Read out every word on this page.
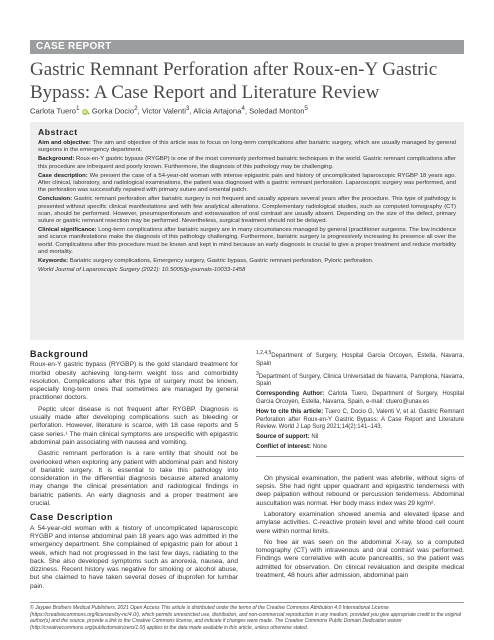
CASE REPORT
Gastric Remnant Perforation after Roux-en-Y Gastric Bypass: A Case Report and Literature Review
Carlota Tuero$^1$ iD, Gorka Docio$^2$, Victor Valenti$^3$, Alicia Artajona$^4$, Soledad Monton$^5$
Abstract

Aim and objective: The aim and objective of this article was to focus on long-term complications after bariatric surgery, which are usually managed by general surgeons in the emergency department.

Background: Roux-en-Y gastric bypass (RYGBP) is one of the most commonly performed bariatric techniques in the world. Gastric remnant complications after this procedure are infrequent and poorly known. Furthermore, the diagnosis of this pathology may be challenging.

Case description: We present the case of a 54-year-old woman with intense epigastric pain and history of uncomplicated laparoscopic RYGBP 18 years ago. After clinical, laboratory, and radiological examinations, the patient was diagnosed with a gastric remnant perforation. Laparoscopic surgery was performed, and the perforation was successfully repaired with primary suture and omental patch.

Conclusion: Gastric remnant perforation after bariatric surgery is not frequent and usually appears several years after the procedure. This type of pathology is presented without specific clinical manifestations and with few analytical alterations. Complementary radiological studies, such as computed tomography (CT) scan, should be performed. However, pneumoperitoneum and extravasation of oral contrast are usually absent. Depending on the size of the defect, primary suture or gastric remnant resection may be performed. Nevertheless, surgical treatment should not be delayed.

Clinical significance: Long-term complications after bariatric surgery are in many circumstances managed by general (practitioner surgeons. The low incidence and scarce manifestations make the diagnosis of this pathology challenging. Furthermore, bariatric surgery is progressively increasing its presence all over the world. Complications after this procedure must be known and kept in mind because an early diagnosis is crucial to give a proper treatment and reduce morbidity and mortality.

Keywords: Bariatric surgery complications, Emergency surgery, Gastric bypass, Gastric remnant perforation, Pyloric perforation.

World Journal of Laparoscopic Surgery (2021): 10.5005/jp-journals-10033-1458

Background

Roux-en-Y gastric bypass (RYGBP) is the gold standard treatment for morbid obesity achieving long-term weight loss and comorbidity resolution. Complications after this type of surgery must be known, especially long-term ones that sometimes are managed by general practitioner doctors.

Peptic ulcer disease is not frequent after RYGBP. Diagnosis is usually made after developing complications such as bleeding or perforation. However, literature is scarce, with 18 case reports and 5 case series.¹ The main clinical symptoms are unspecific with epigastric abdominal pain associating with nausea and vomiting.

Gastric remnant perforation is a rare entity that should not be overlooked when exploring any patient with abdominal pain and history of bariatric surgery. It is essential to take this pathology into consideration in the differential diagnosis because altered anatomy may change the clinical presentation and radiological findings in bariatric patients. An early diagnosis and a proper treatment are crucial.

Case Description

A 54-year-old woman with a history of uncomplicated laparoscopic RYGBP and intense abdominal pain 18 years ago was admitted in the emergency department. She complained of epigastric pain for about 1 week, which had not progressed in the last few days, radiating to the back. She also developed symptoms such as anorexia, nausea, and dizziness. Recent history was negative for smoking or alcohol abuse, but she claimed to have taken several doses of ibuprofen for lumbar pain.

$^{1,2,4,5}$Department of Surgery, Hospital Garcia Orcoyen, Estella, Navarra, Spain

$^3$Department of Surgery, Clinica Universidad de Navarra, Pamplona, Navarra, Spain

Corresponding Author: Carlota Tuero, Department of Surgery, Hospital Garcia Orcoyen, Estella, Navarra, Spain, e-mail: ctuero@unav.es

How to cite this article: Tuero C, Docio G, Valenti V, et al. Gastric Remnant Perforation after Roux-en-Y Gastric Bypass: A Case Report and Literature Review. World J Lap Surg 2021;14(2):141–143.

Source of support: Nil

Conflict of interest: None

On physical examination, the patient was afebrile, without signs of sepsis. She had right upper quadrant and epigastric tenderness with deep palpation without rebound or percussion tenderness. Abdominal auscultation was normal. Her body mass index was 29 kg/m².

Laboratory examination showed anemia and elevated lipase and amylase activities. C-reactive protein level and white blood cell count were within normal limits.

No free air was seen on the abdominal X-ray, so a computed tomography (CT) with intravenous and oral contrast was performed. Findings were correlative with acute pancreatitis, so the patient was admitted for observation. On clinical revaluation and despite medical treatment, 48 hours after admission, abdominal pain

© Jaypee Brothers Medical Publishers. 2021 Open Access This article is distributed under the terms of the Creative Commons Attribution 4.0 International License (https://creativecommons.org/licenses/by-nc/4.0/), which permits unrestricted use, distribution, and non-commercial reproduction in any medium, provided you give appropriate credit to the original author(s) and the source, provide a link to the Creative Commons license, and indicate if changes were made. The Creative Commons Public Domain Dedication waiver (http://creativecommons.org/publicdomain/zero/1.0/) applies to the data made available in this article, unless otherwise stated.
